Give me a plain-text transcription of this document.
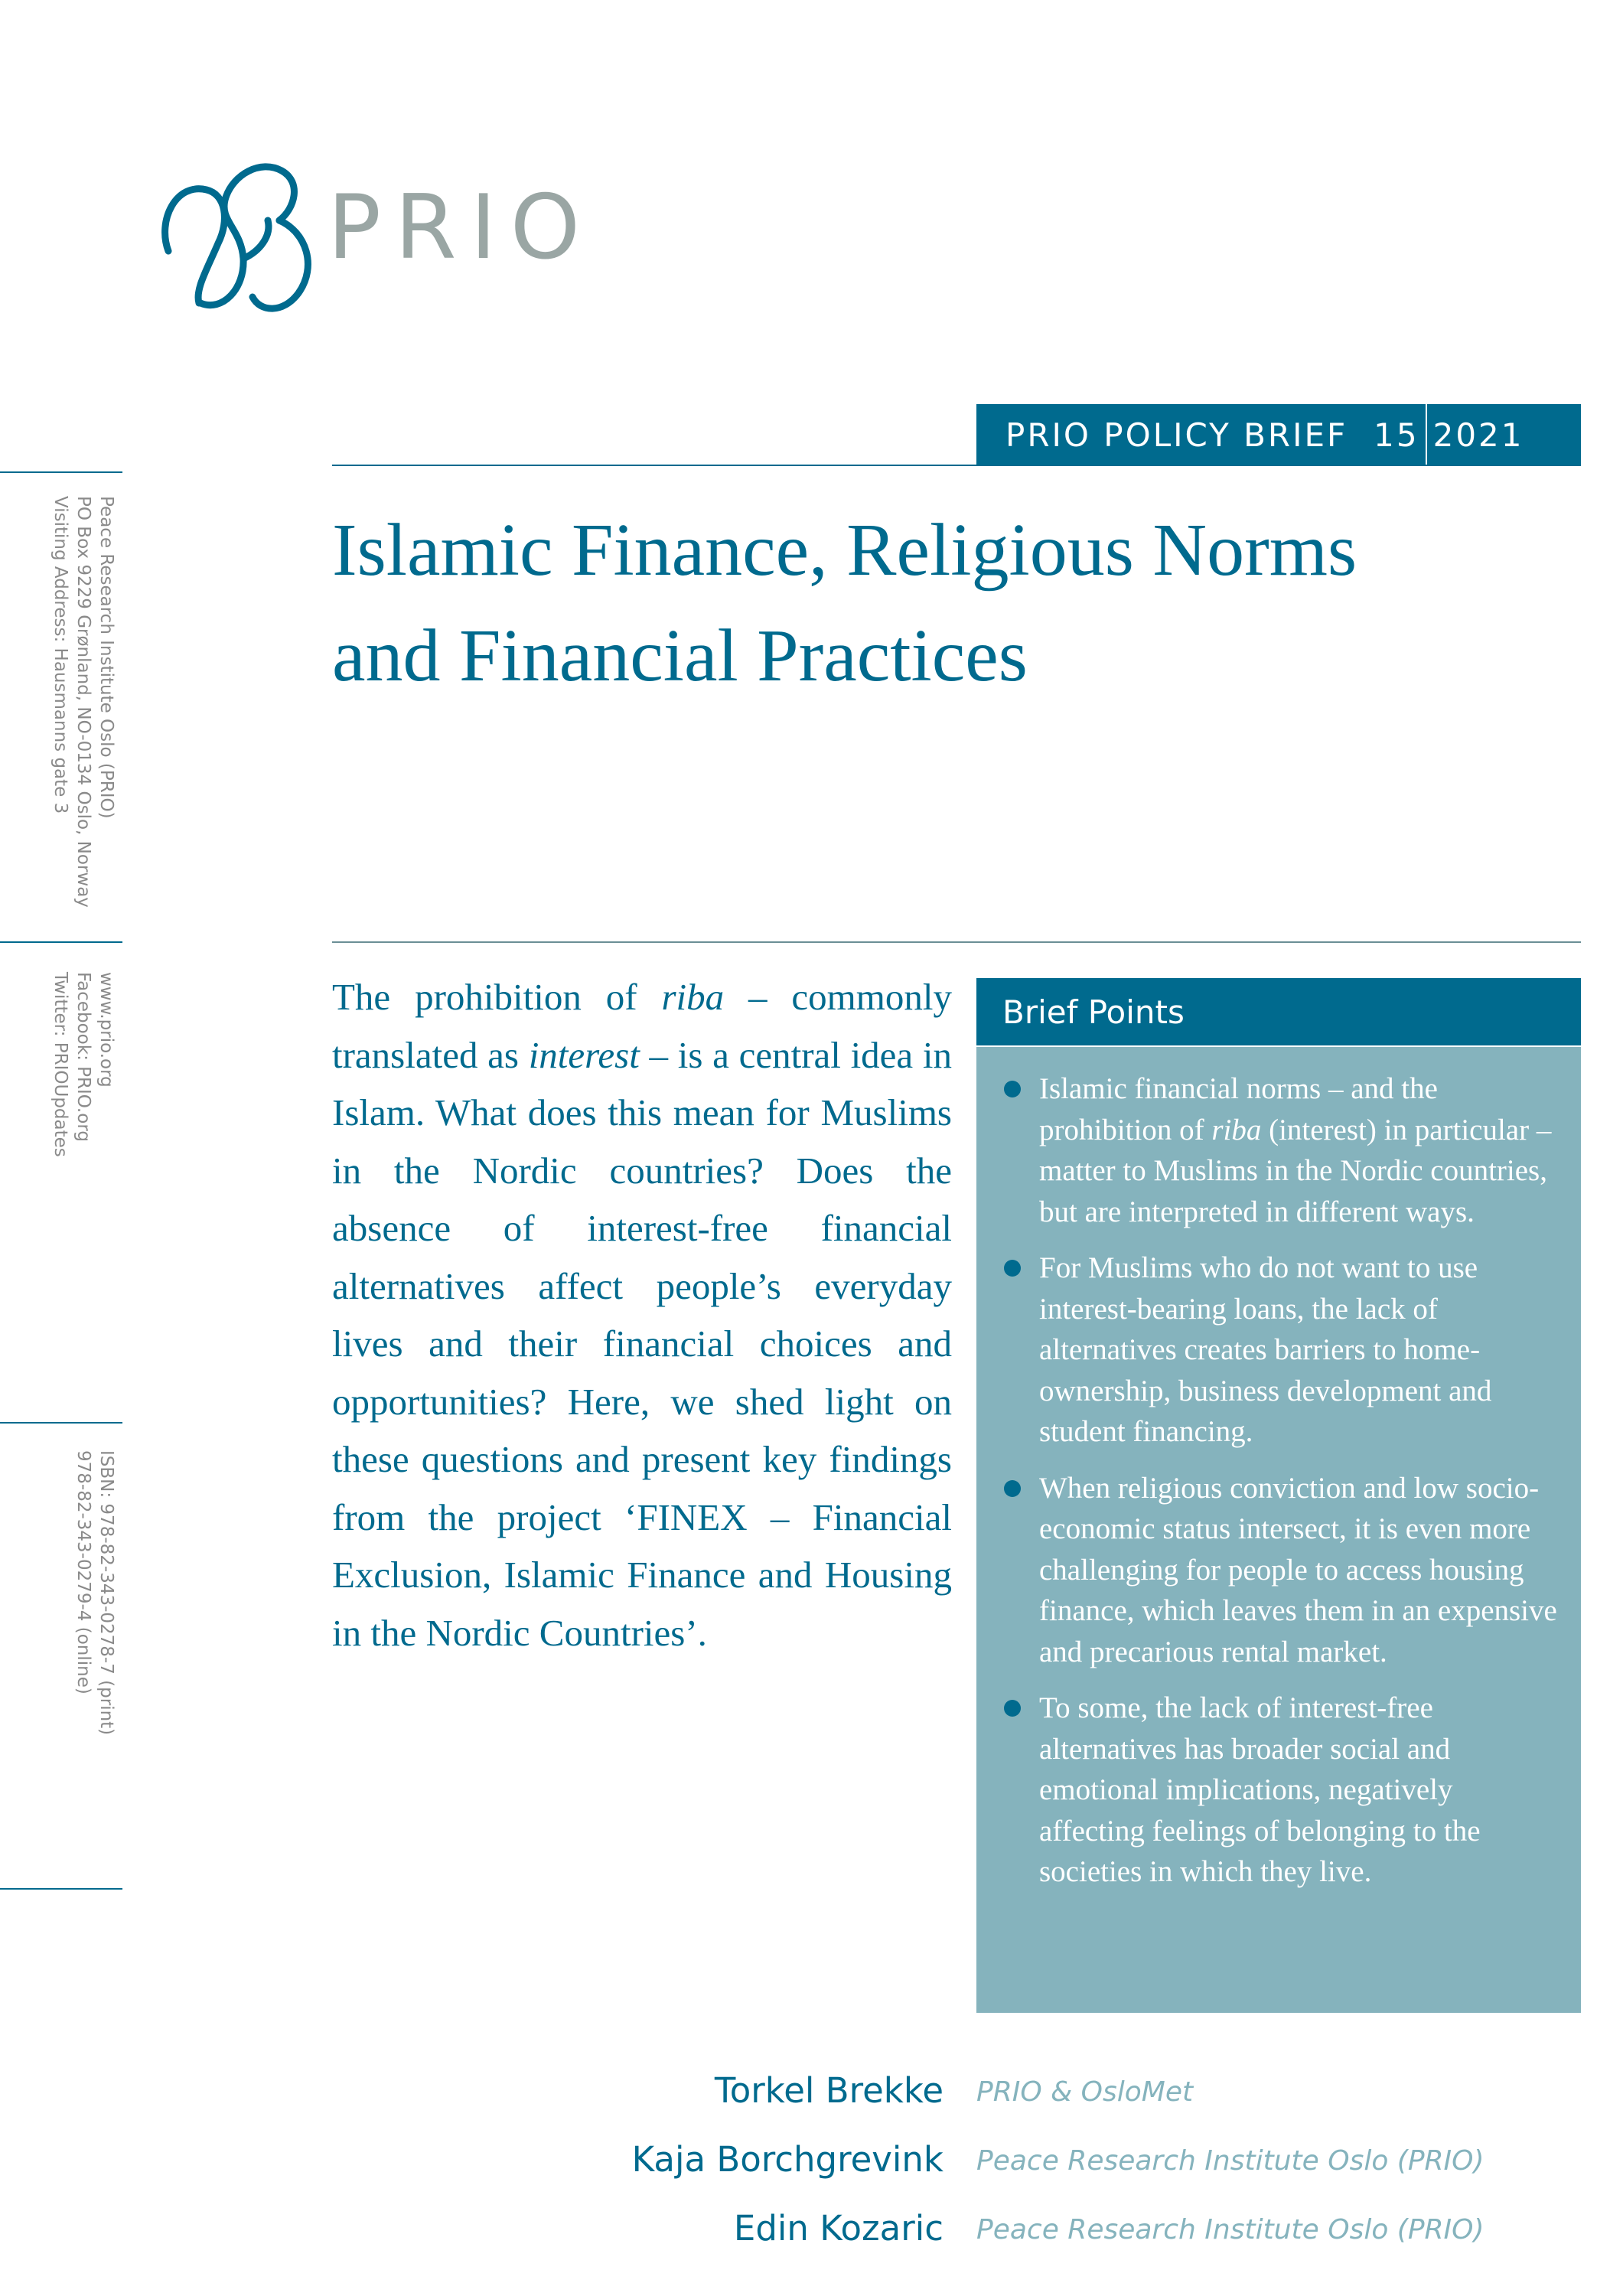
PRIO
PRIO POLICY BRIEF 15 2021
Peace Research Institute Oslo (PRIO)
PO Box 9229 Grønland, NO-0134 Oslo, Norway
Visiting Address: Hausmanns gate 3
www.prio.org
Facebook: PRIO.org
Twitter: PRIOUpdates
ISBN: 978-82-343-0278-7 (print)
978-82-343-0279-4 (online)
Islamic Finance, Religious Norms
and Financial Practices
The prohibition of riba – commonly translated as interest – is a central idea in Islam. What does this mean for Muslims in the Nordic countries? Does the absence of interest-free financial alternatives affect people’s everyday lives and their financial choices and opportunities? Here, we shed light on these questions and present key findings from the project ‘FINEX – Financial Exclusion, Islamic Finance and Housing in the Nordic Countries’.
Brief Points
Islamic financial norms – and the prohibition of riba (interest) in particular – matter to Muslims in the Nordic countries, but are interpreted in different ways.
For Muslims who do not want to use interest-bearing loans, the lack of alternatives creates barriers to homeownership, business development and student financing.
When religious conviction and low socio-economic status intersect, it is even more challenging for people to access housing finance, which leaves them in an expensive and precarious rental market.
To some, the lack of interest-free alternatives has broader social and emotional implications, negatively affecting feelings of belonging to the societies in which they live.
Torkel Brekke PRIO & OsloMet
Kaja Borchgrevink Peace Research Institute Oslo (PRIO)
Edin Kozaric Peace Research Institute Oslo (PRIO)
